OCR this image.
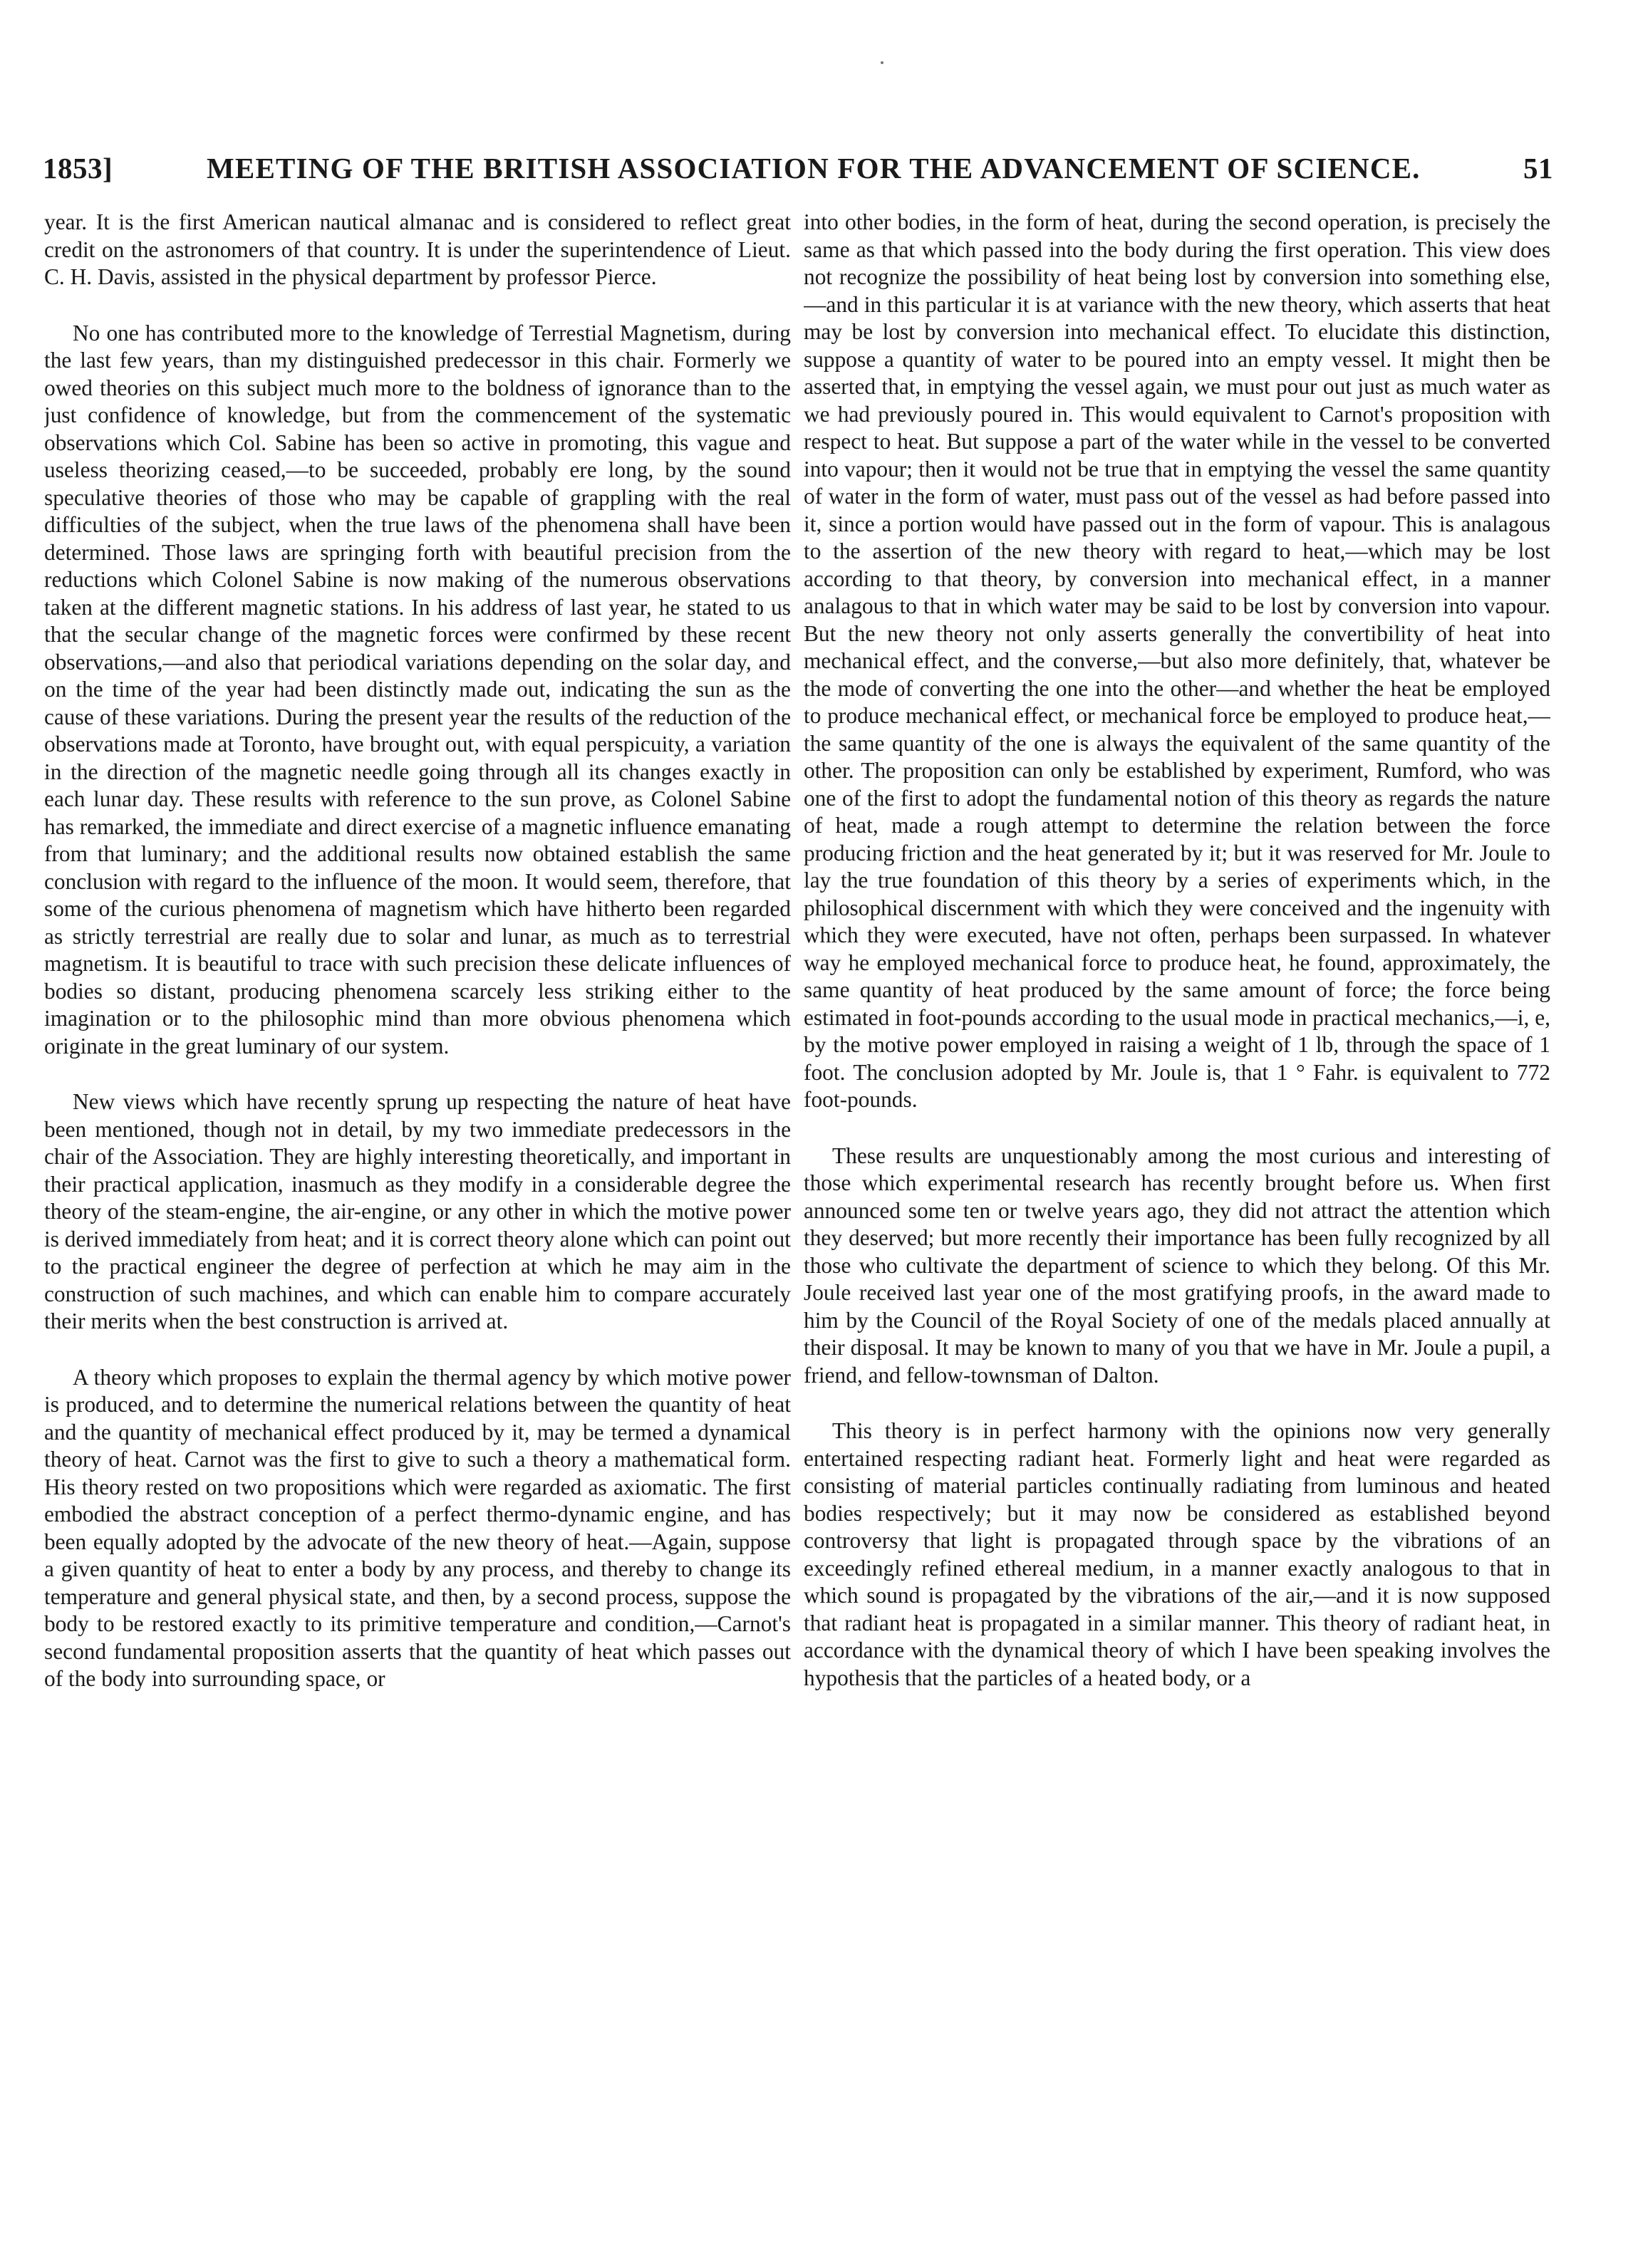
1853]	MEETING OF THE BRITISH ASSOCIATION FOR THE ADVANCEMENT OF SCIENCE.	51

year. It is the first American nautical almanac and is considered to reflect great credit on the astronomers of that country. It is under the superintendence of Lieut. C. H. Davis, assisted in the physical department by professor Pierce.

No one has contributed more to the knowledge of Terrestial Magnetism, during the last few years, than my distinguished predecessor in this chair. Formerly we owed theories on this subject much more to the boldness of ignorance than to the just confidence of knowledge, but from the commencement of the systematic observations which Col. Sabine has been so active in promoting, this vague and useless theorizing ceased,—to be succeeded, probably ere long, by the sound speculative theories of those who may be capable of grappling with the real difficulties of the subject, when the true laws of the phenomena shall have been determined. Those laws are springing forth with beautiful precision from the reductions which Colonel Sabine is now making of the numerous observations taken at the different magnetic stations. In his address of last year, he stated to us that the secular change of the magnetic forces were confirmed by these recent observations,—and also that periodical variations depending on the solar day, and on the time of the year had been distinctly made out, indicating the sun as the cause of these variations. During the present year the results of the reduction of the observations made at Toronto, have brought out, with equal perspicuity, a variation in the direction of the magnetic needle going through all its changes exactly in each lunar day. These results with reference to the sun prove, as Colonel Sabine has remarked, the immediate and direct exercise of a magnetic influence emanating from that luminary; and the additional results now obtained establish the same conclusion with regard to the influence of the moon. It would seem, therefore, that some of the curious phenomena of magnetism which have hitherto been regarded as strictly terrestrial are really due to solar and lunar, as much as to terrestrial magnetism. It is beautiful to trace with such precision these delicate influences of bodies so distant, producing phenomena scarcely less striking either to the imagination or to the philosophic mind than more obvious phenomena which originate in the great luminary of our system.

New views which have recently sprung up respecting the nature of heat have been mentioned, though not in detail, by my two immediate predecessors in the chair of the Association. They are highly interesting theoretically, and important in their practical application, inasmuch as they modify in a considerable degree the theory of the steam-engine, the air-engine, or any other in which the motive power is derived immediately from heat; and it is correct theory alone which can point out to the practical engineer the degree of perfection at which he may aim in the construction of such machines, and which can enable him to compare accurately their merits when the best construction is arrived at.

A theory which proposes to explain the thermal agency by which motive power is produced, and to determine the numerical relations between the quantity of heat and the quantity of mechanical effect produced by it, may be termed a dynamical theory of heat. Carnot was the first to give to such a theory a mathematical form. His theory rested on two propositions which were regarded as axiomatic. The first embodied the abstract conception of a perfect thermo-dynamic engine, and has been equally adopted by the advocate of the new theory of heat.—Again, suppose a given quantity of heat to enter a body by any process, and thereby to change its temperature and general physical state, and then, by a second process, suppose the body to be restored exactly to its primitive temperature and condition,—Carnot's second fundamental proposition asserts that the quantity of heat which passes out of the body into surrounding space, or

into other bodies, in the form of heat, during the second operation, is precisely the same as that which passed into the body during the first operation. This view does not recognize the possibility of heat being lost by conversion into something else,—and in this particular it is at variance with the new theory, which asserts that heat may be lost by conversion into mechanical effect. To elucidate this distinction, suppose a quantity of water to be poured into an empty vessel. It might then be asserted that, in emptying the vessel again, we must pour out just as much water as we had previously poured in. This would equivalent to Carnot's proposition with respect to heat. But suppose a part of the water while in the vessel to be converted into vapour; then it would not be true that in emptying the vessel the same quantity of water in the form of water, must pass out of the vessel as had before passed into it, since a portion would have passed out in the form of vapour. This is analagous to the assertion of the new theory with regard to heat,—which may be lost according to that theory, by conversion into mechanical effect, in a manner analagous to that in which water may be said to be lost by conversion into vapour. But the new theory not only asserts generally the convertibility of heat into mechanical effect, and the converse,—but also more definitely, that, whatever be the mode of converting the one into the other—and whether the heat be employed to produce mechanical effect, or mechanical force be employed to produce heat,—the same quantity of the one is always the equivalent of the same quantity of the other. The proposition can only be established by experiment, Rumford, who was one of the first to adopt the fundamental notion of this theory as regards the nature of heat, made a rough attempt to determine the relation between the force producing friction and the heat generated by it; but it was reserved for Mr. Joule to lay the true foundation of this theory by a series of experiments which, in the philosophical discernment with which they were conceived and the ingenuity with which they were executed, have not often, perhaps been surpassed. In whatever way he employed mechanical force to produce heat, he found, approximately, the same quantity of heat produced by the same amount of force; the force being estimated in foot-pounds according to the usual mode in practical mechanics,—i, e, by the motive power employed in raising a weight of 1 lb, through the space of 1 foot. The conclusion adopted by Mr. Joule is, that 1 ° Fahr. is equivalent to 772 foot-pounds.

These results are unquestionably among the most curious and interesting of those which experimental research has recently brought before us. When first announced some ten or twelve years ago, they did not attract the attention which they deserved; but more recently their importance has been fully recognized by all those who cultivate the department of science to which they belong. Of this Mr. Joule received last year one of the most gratifying proofs, in the award made to him by the Council of the Royal Society of one of the medals placed annually at their disposal. It may be known to many of you that we have in Mr. Joule a pupil, a friend, and fellow-townsman of Dalton.

This theory is in perfect harmony with the opinions now very generally entertained respecting radiant heat. Formerly light and heat were regarded as consisting of material particles continually radiating from luminous and heated bodies respectively; but it may now be considered as established beyond controversy that light is propagated through space by the vibrations of an exceedingly refined ethereal medium, in a manner exactly analogous to that in which sound is propagated by the vibrations of the air,—and it is now supposed that radiant heat is propagated in a similar manner. This theory of radiant heat, in accordance with the dynamical theory of which I have been speaking involves the hypothesis that the particles of a heated body, or a
